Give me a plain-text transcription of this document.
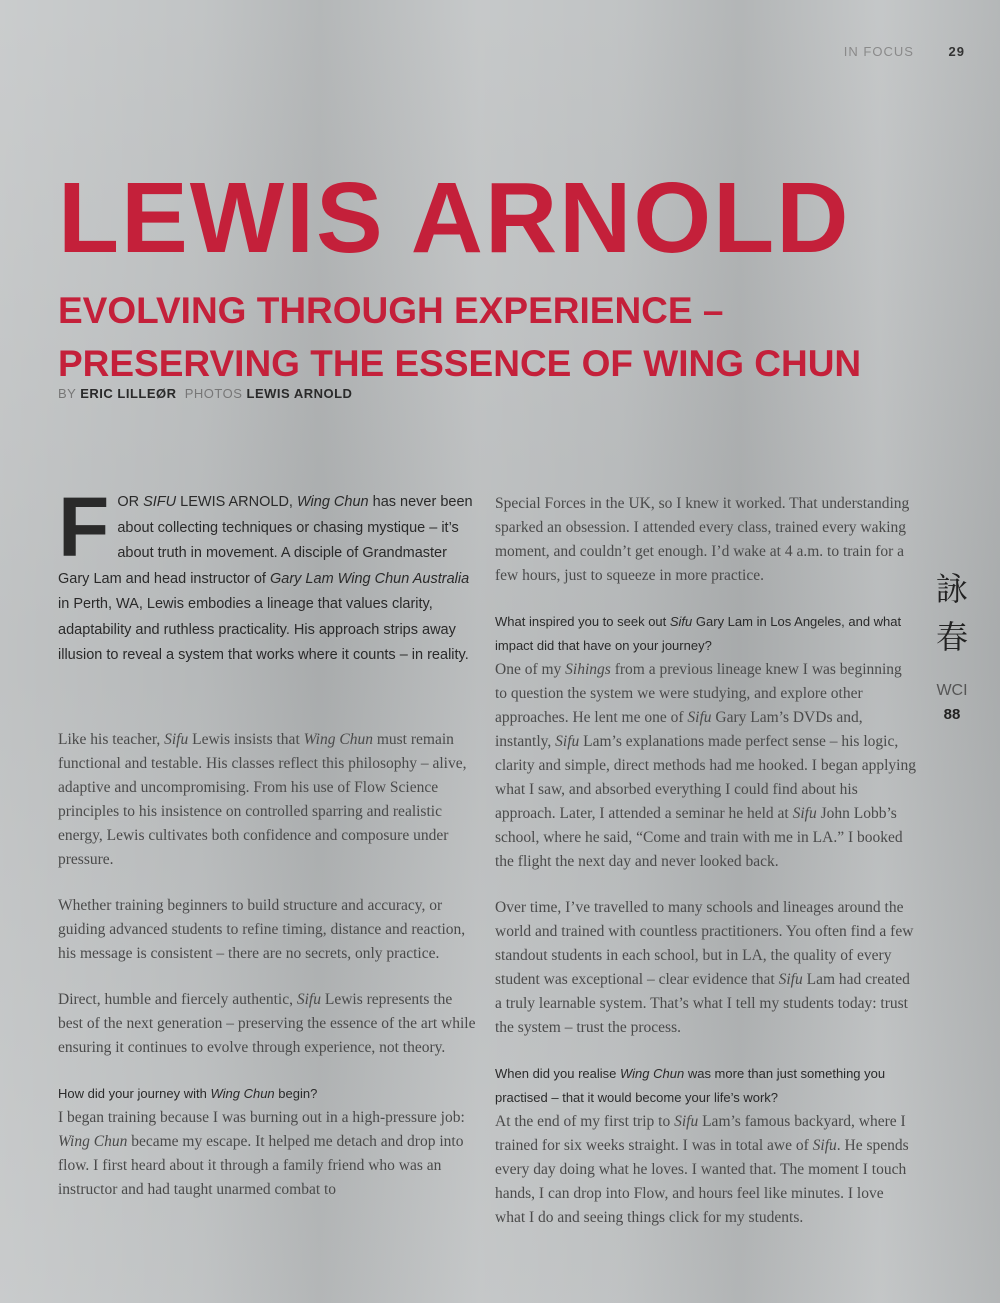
IN FOCUS	29
LEWIS ARNOLD
EVOLVING THROUGH EXPERIENCE –
PRESERVING THE ESSENCE OF WING CHUN
BY ERIC LILLEØR PHOTOS LEWIS ARNOLD
FOR SIFU LEWIS ARNOLD, Wing Chun has never been about collecting techniques or chasing mystique – it’s about truth in movement. A disciple of Grandmaster Gary Lam and head instructor of Gary Lam Wing Chun Australia in Perth, WA, Lewis embodies a lineage that values clarity, adaptability and ruthless practicality. His approach strips away illusion to reveal a system that works where it counts – in reality.

Like his teacher, Sifu Lewis insists that Wing Chun must remain functional and testable. His classes reflect this philosophy – alive, adaptive and uncompromising. From his use of Flow Science principles to his insistence on controlled sparring and realistic energy, Lewis cultivates both confidence and composure under pressure.

Whether training beginners to build structure and accuracy, or guiding advanced students to refine timing, distance and reaction, his message is consistent – there are no secrets, only practice.

Direct, humble and fiercely authentic, Sifu Lewis represents the best of the next generation – preserving the essence of the art while ensuring it continues to evolve through experience, not theory.

How did your journey with Wing Chun begin?

I began training because I was burning out in a high-pressure job: Wing Chun became my escape. It helped me detach and drop into flow. I first heard about it through a family friend who was an instructor and had taught unarmed combat to

Special Forces in the UK, so I knew it worked. That understanding sparked an obsession. I attended every class, trained every waking moment, and couldn’t get enough. I’d wake at 4 a.m. to train for a few hours, just to squeeze in more practice.

What inspired you to seek out Sifu Gary Lam in Los Angeles, and what impact did that have on your journey?

One of my Sihings from a previous lineage knew I was beginning to question the system we were studying, and explore other approaches. He lent me one of Sifu Gary Lam’s DVDs and, instantly, Sifu Lam’s explanations made perfect sense – his logic, clarity and simple, direct methods had me hooked. I began applying what I saw, and absorbed everything I could find about his approach. Later, I attended a seminar he held at Sifu John Lobb’s school, where he said, “Come and train with me in LA.” I booked the flight the next day and never looked back.

Over time, I’ve travelled to many schools and lineages around the world and trained with countless practitioners. You often find a few standout students in each school, but in LA, the quality of every student was exceptional – clear evidence that Sifu Lam had created a truly learnable system. That’s what I tell my students today: trust the system – trust the process.

When did you realise Wing Chun was more than just something you practised – that it would become your life’s work?

At the end of my first trip to Sifu Lam’s famous backyard, where I trained for six weeks straight. I was in total awe of Sifu. He spends every day doing what he loves. I wanted that. The moment I touch hands, I can drop into Flow, and hours feel like minutes. I love what I do and seeing things click for my students.

詠春
WCI
88
